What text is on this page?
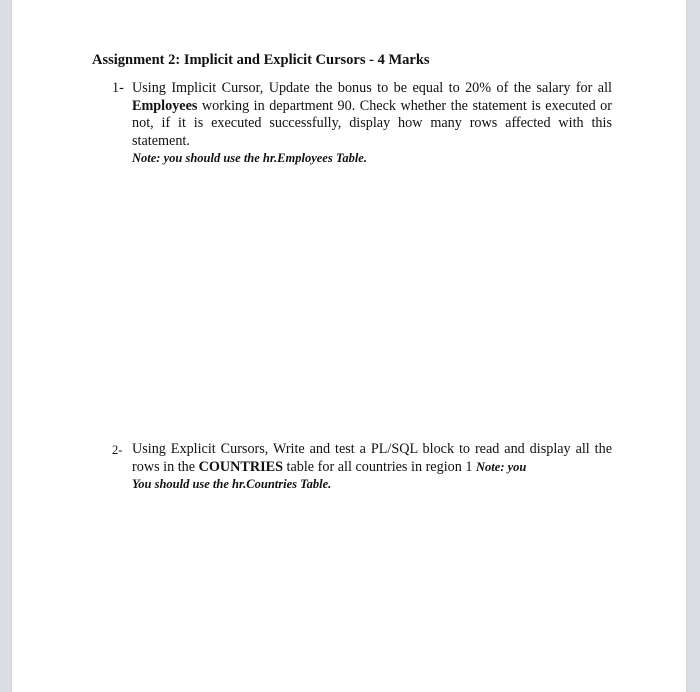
Assignment 2: Implicit and Explicit Cursors - 4 Marks
1- Using Implicit Cursor, Update the bonus to be equal to 20% of the salary for all Employees working in department 90. Check whether the statement is executed or not, if it is executed successfully, display how many rows affected with this statement.
Note: you should use the hr.Employees Table.
2- Using Explicit Cursors, Write and test a PL/SQL block to read and display all the rows in the COUNTRIES table for all countries in region 1 Note: you
You should use the hr.Countries Table.
